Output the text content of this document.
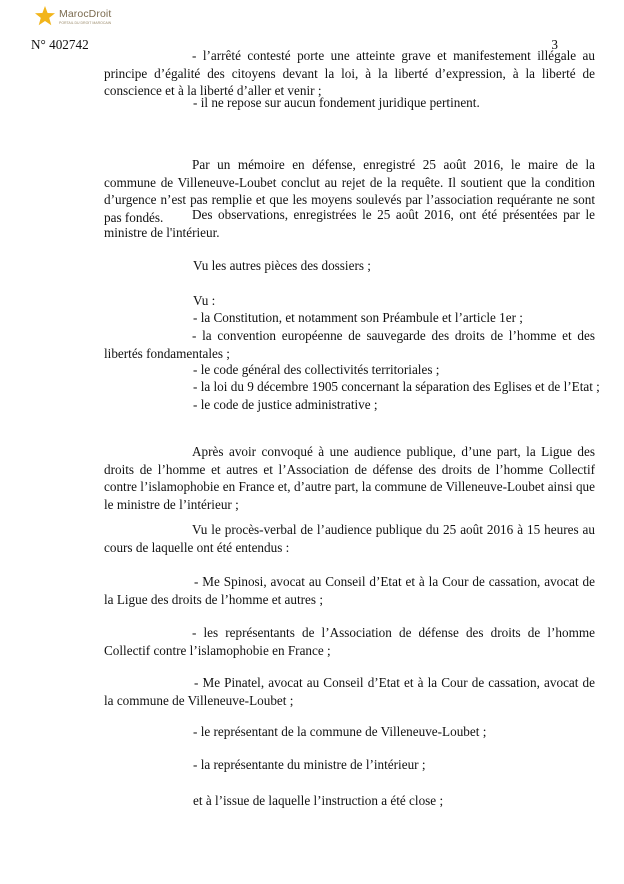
MarocDroit
PORTAIL DU DROIT MAROCAIN
N° 402742	3

- l’arrêté contesté porte une atteinte grave et manifestement illégale au principe d’égalité des citoyens devant la loi, à la liberté d’expression, à la liberté de conscience et à la liberté d’aller et venir ;

- il ne repose sur aucun fondement juridique pertinent.

Par un mémoire en défense, enregistré 25 août 2016, le maire de la commune de Villeneuve-Loubet conclut au rejet de la requête. Il soutient que la condition d’urgence n’est pas remplie et que les moyens soulevés par l’association requérante ne sont pas fondés.	Des observations, enregistrées le 25 août 2016, ont été présentées par le ministre de l'intérieur.

Vu les autres pièces des dossiers ;

Vu :

- la Constitution, et notamment son Préambule et l’article 1er ;

- la convention européenne de sauvegarde des droits de l’homme et des libertés fondamentales ;

- le code général des collectivités territoriales ;

- la loi du 9 décembre 1905 concernant la séparation des Eglises et de l’Etat ;

- le code de justice administrative ;

Après avoir convoqué à une audience publique, d’une part, la Ligue des droits de l’homme et autres et l’Association de défense des droits de l’homme Collectif contre l’islamophobie en France et, d’autre part, la commune de Villeneuve-Loubet ainsi que le ministre de l’intérieur ;

Vu le procès-verbal de l’audience publique du 25 août 2016 à 15 heures au cours de laquelle ont été entendus :

- Me Spinosi, avocat au Conseil d’Etat et à la Cour de cassation, avocat de la Ligue des droits de l’homme et autres ;

- les représentants de l’Association de défense des droits de l’homme Collectif contre l’islamophobie en France ;

- Me Pinatel, avocat au Conseil d’Etat et à la Cour de cassation, avocat de la commune de Villeneuve-Loubet ;

- le représentant de la commune de Villeneuve-Loubet ;

- la représentante du ministre de l’intérieur ;

et à l’issue de laquelle l’instruction a été close ;
